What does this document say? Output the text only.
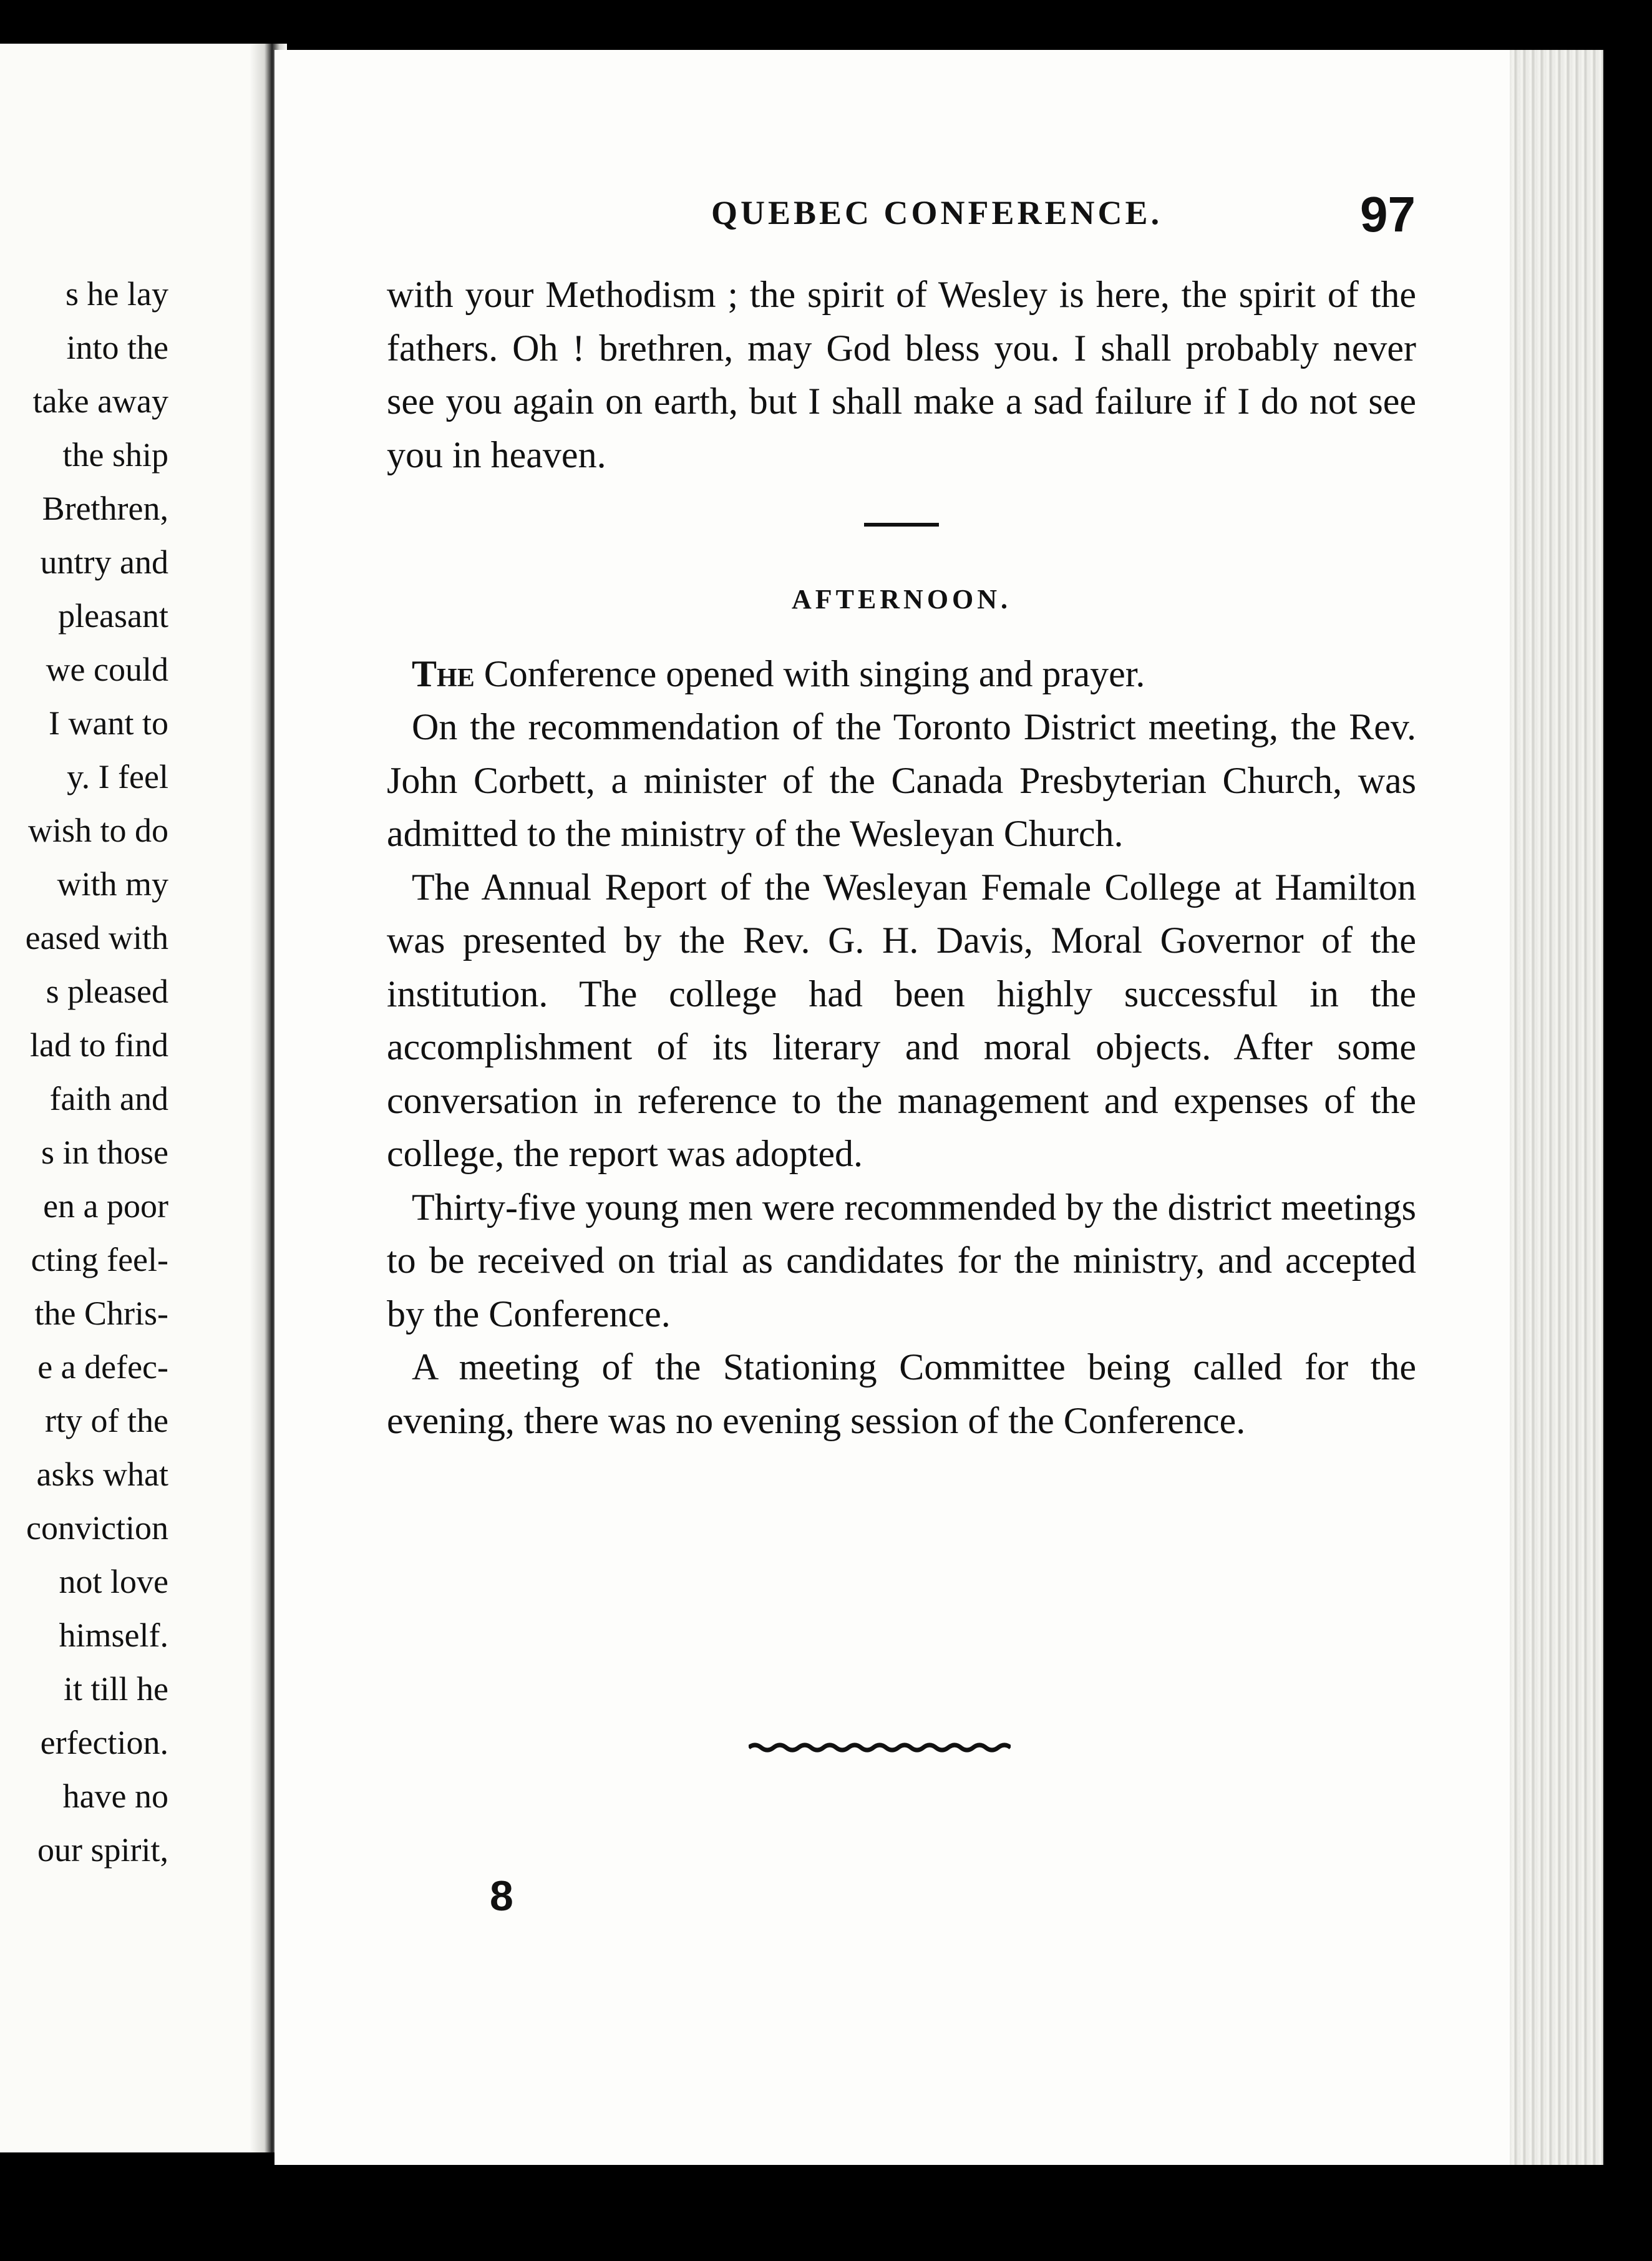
s he lay
into the
take away
the ship
Brethren,
untry and
pleasant
we could
I want to
y. I feel
wish to do
with my
eased with
s pleased
lad to find
faith and
s in those
en a poor
cting feel-
the Chris-
e a defec-
rty of the
asks what
conviction
not love
himself.
it till he
erfection.
have no
our spirit,
QUEBEC CONFERENCE.	97

with your Methodism ; the spirit of Wesley is here, the spirit of the fathers. Oh ! brethren, may God bless you. I shall probably never see you again on earth, but I shall make a sad failure if I do not see you in heaven.

AFTERNOON.

The Conference opened with singing and prayer.

On the recommendation of the Toronto District meeting, the Rev. John Corbett, a minister of the Canada Presbyterian Church, was admitted to the ministry of the Wesleyan Church.

The Annual Report of the Wesleyan Female College at Hamilton was presented by the Rev. G. H. Davis, Moral Governor of the institution. The college had been highly successful in the accomplishment of its literary and moral objects. After some conversation in reference to the management and expenses of the college, the report was adopted.

Thirty-five young men were recommended by the district meetings to be received on trial as candidates for the ministry, and accepted by the Conference.

A meeting of the Stationing Committee being called for the evening, there was no evening session of the Conference.

8
